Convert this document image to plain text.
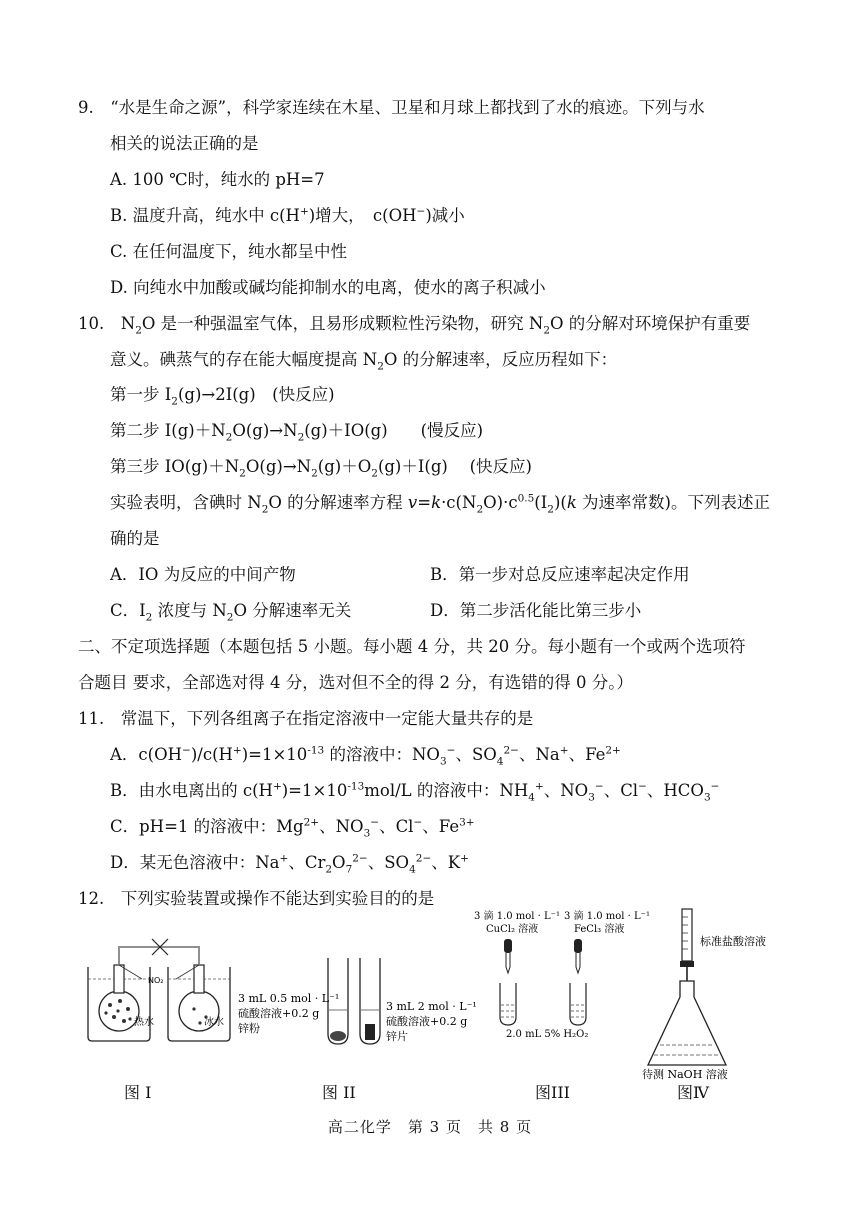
9.　“水是生命之源”，科学家连续在木星、卫星和月球上都找到了水的痕迹。下列与水
相关的说法正确的是
A. 100 ℃时，纯水的 pH=7
B. 温度升高，纯水中 c(H+)增大，　c(OH−)减小
C. 在任何温度下，纯水都呈中性
D. 向纯水中加酸或碱均能抑制水的电离，使水的离子积减小
10.　$N_2O$ 是一种强温室气体，且易形成颗粒性污染物，研究 $N_2O$ 的分解对环境保护有重要
意义。碘蒸气的存在能大幅度提高 $N_2O$ 的分解速率，反应历程如下：
第一步 $I_2(g)\to 2I(g)$　(快反应)
第二步 $I(g)+N_2O(g)\to N_2(g)+IO(g)$　　(慢反应)
第三步 $IO(g)+N_2O(g)\to N_2(g)+O_2(g)+I(g)$　 (快反应)
实验表明，含碘时 $N_2O$ 的分解速率方程 $v=k\cdot c(N_2O)\cdot c^{0.5}(I_2)(k$ 为速率常数)。下列表述正
确的是
A．IO 为反应的中间产物	B．第一步对总反应速率起决定作用
C．$I_2$ 浓度与 $N_2O$ 分解速率无关	D．第二步活化能比第三步小
二、不定项选择题（本题包括 5 小题。每小题 4 分，共 20 分。每小题有一个或两个选项符
合题目 要求，全部选对得 4 分，选对但不全的得 2 分，有选错的得 0 分。）
11.　常温下，下列各组离子在指定溶液中一定能大量共存的是
A．$c(OH^-)/c(H^+)=1\times 10^{-13}$ 的溶液中：$NO_3^-$、$SO_4^{2-}$、Na+、$Fe^{2+}$
B．由水电离出的 $c(H^+)=1\times 10^{-13}mol/L$ 的溶液中：$NH_4^+$、$NO_3^-$、Cl−、$HCO_3^-$
C．pH=1 的溶液中：$Mg^{2+}$、$NO_3^-$、Cl−、$Fe^{3+}$
D．某无色溶液中：Na+、$Cr_2O_7^{2-}$、$SO_4^{2-}$、K+
12.　下列实验装置或操作不能达到实验目的的是
NO₂
热水	冰水
3 mL 0.5 mol · L⁻¹
硫酸溶液+0.2 g
锌粉
3 mL 2 mol · L⁻¹
硫酸溶液+0.2 g
锌片
3 滴 1.0 mol · L⁻¹
CuCl₂ 溶液
3 滴 1.0 mol · L⁻¹
FeCl₃ 溶液
2.0 mL 5% H₂O₂
标准盐酸溶液
待测 NaOH 溶液
图 I	图 II	图III	图Ⅳ
高二化学　第 3 页　共 8 页
